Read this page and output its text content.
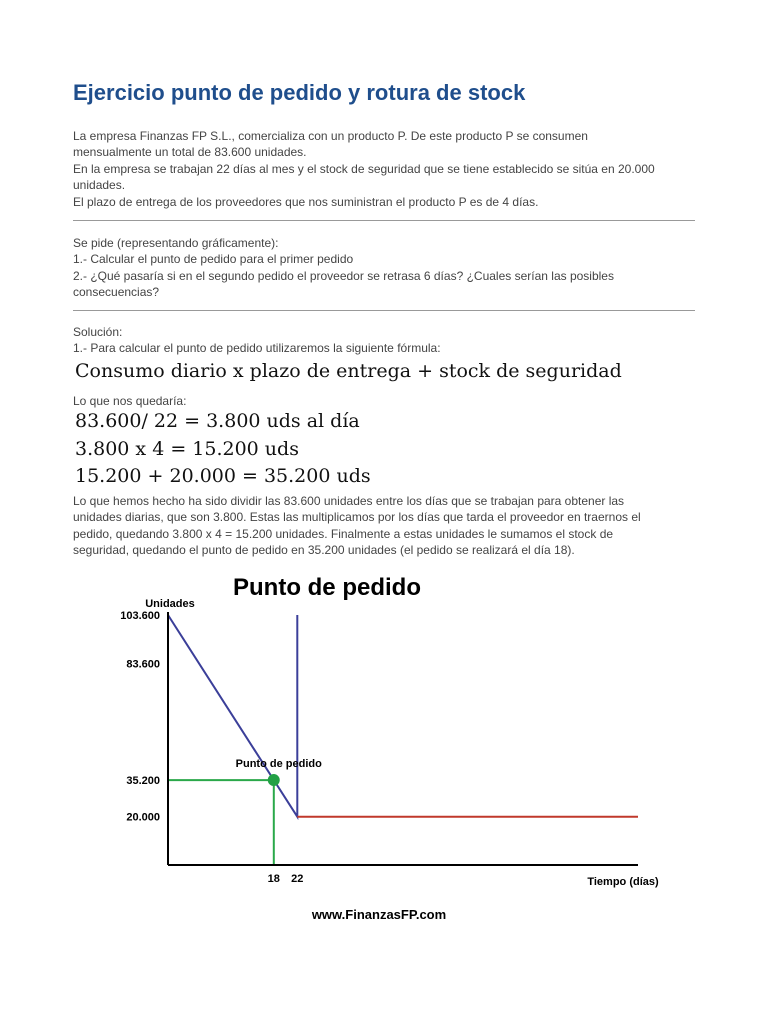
Ejercicio punto de pedido y rotura de stock
La empresa Finanzas FP S.L., comercializa con un producto P. De este producto P se consumen
mensualmente un total de 83.600 unidades.
En la empresa se trabajan 22 días al mes y el stock de seguridad que se tiene establecido se sitúa en 20.000
unidades.
El plazo de entrega de los proveedores que nos suministran el producto P es de 4 días.
Se pide (representando gráficamente):
1.- Calcular el punto de pedido para el primer pedido
2.- ¿Qué pasaría si en el segundo pedido el proveedor se retrasa 6 días? ¿Cuales serían las posibles
consecuencias?
Solución:
1.- Para calcular el punto de pedido utilizaremos la siguiente fórmula:
Consumo diario x plazo de entrega + stock de seguridad
Lo que nos quedaría:
83.600/ 22 = 3.800 uds al día
3.800 x 4 = 15.200 uds
15.200 + 20.000 = 35.200 uds
Lo que hemos hecho ha sido dividir las 83.600 unidades entre los días que se trabajan para obtener las
unidades diarias, que son 3.800. Estas las multiplicamos por los días que tarda el proveedor en traernos el
pedido, quedando 3.800 x 4 = 15.200 unidades. Finalmente a estas unidades le sumamos el stock de
seguridad, quedando el punto de pedido en 35.200 unidades (el pedido se realizará el día 18).
Punto de pedido
Unidades
Punto de pedido
103.600
83.600
35.200
20.000
18 22	Tiempo (días)
www.FinanzasFP.com
